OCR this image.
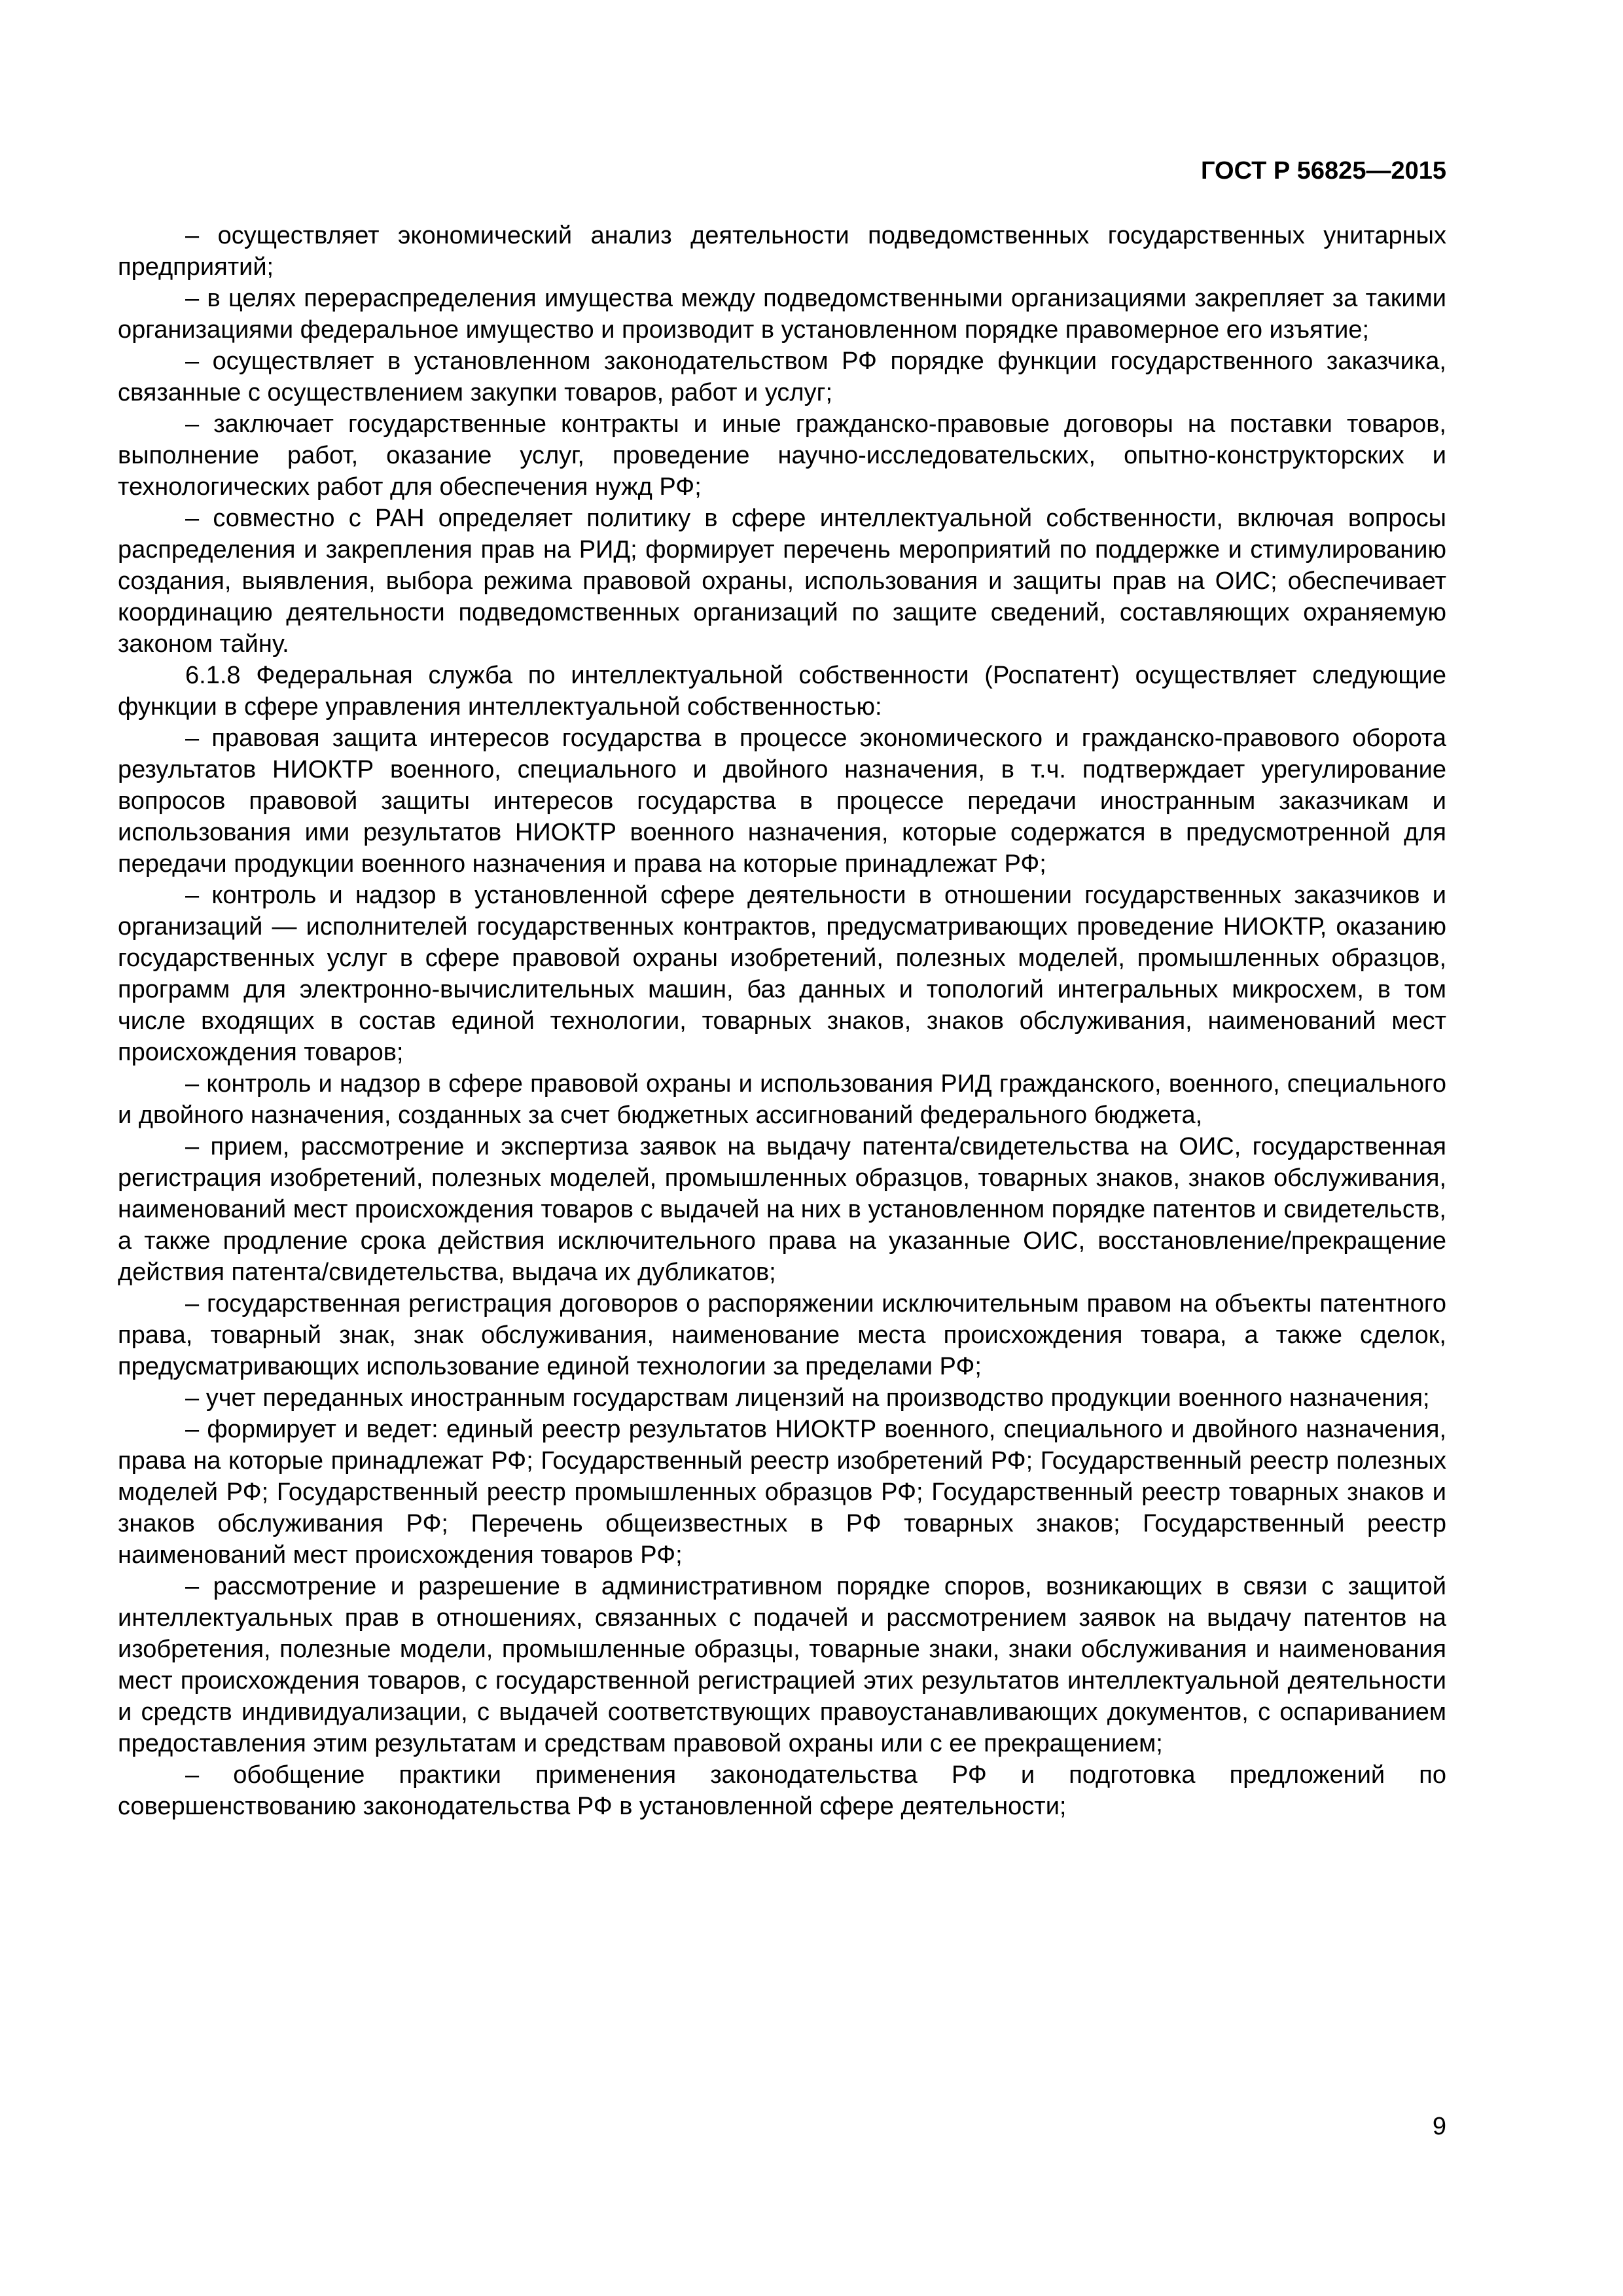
ГОСТ Р 56825—2015

– осуществляет экономический анализ деятельности подведомственных государственных унитарных предприятий;

– в целях перераспределения имущества между подведомственными организациями закрепляет за такими организациями федеральное имущество и производит в установленном порядке правомерное его изъятие;

– осуществляет в установленном законодательством РФ порядке функции государственного заказчика, связанные с осуществлением закупки товаров, работ и услуг;

– заключает государственные контракты и иные гражданско-правовые договоры на поставки товаров, выполнение работ, оказание услуг, проведение научно-исследовательских, опытно-конструкторских и технологических работ для обеспечения нужд РФ;

– совместно с РАН определяет политику в сфере интеллектуальной собственности, включая вопросы распределения и закрепления прав на РИД; формирует перечень мероприятий по поддержке и стимулированию создания, выявления, выбора режима правовой охраны, использования и защиты прав на ОИС; обеспечивает координацию деятельности подведомственных организаций по защите сведений, составляющих охраняемую законом тайну.

6.1.8 Федеральная служба по интеллектуальной собственности (Роспатент) осуществляет следующие функции в сфере управления интеллектуальной собственностью:

– правовая защита интересов государства в процессе экономического и гражданско-правового оборота результатов НИОКТР военного, специального и двойного назначения, в т.ч. подтверждает урегулирование вопросов правовой защиты интересов государства в процессе передачи иностранным заказчикам и использования ими результатов НИОКТР военного назначения, которые содержатся в предусмотренной для передачи продукции военного назначения и права на которые принадлежат РФ;

– контроль и надзор в установленной сфере деятельности в отношении государственных заказчиков и организаций — исполнителей государственных контрактов, предусматривающих проведение НИОКТР, оказанию государственных услуг в сфере правовой охраны изобретений, полезных моделей, промышленных образцов, программ для электронно-вычислительных машин, баз данных и топологий интегральных микросхем, в том числе входящих в состав единой технологии, товарных знаков, знаков обслуживания, наименований мест происхождения товаров;

– контроль и надзор в сфере правовой охраны и использования РИД гражданского, военного, специального и двойного назначения, созданных за счет бюджетных ассигнований федерального бюджета,

– прием, рассмотрение и экспертиза заявок на выдачу патента/свидетельства на ОИС, государственная регистрация изобретений, полезных моделей, промышленных образцов, товарных знаков, знаков обслуживания, наименований мест происхождения товаров с выдачей на них в установленном порядке патентов и свидетельств, а также продление срока действия исключительного права на указанные ОИС, восстановление/прекращение действия патента/свидетельства, выдача их дубликатов;

– государственная регистрация договоров о распоряжении исключительным правом на объекты патентного права, товарный знак, знак обслуживания, наименование места происхождения товара, а также сделок, предусматривающих использование единой технологии за пределами РФ;

– учет переданных иностранным государствам лицензий на производство продукции военного назначения;

– формирует и ведет: единый реестр результатов НИОКТР военного, специального и двойного назначения, права на которые принадлежат РФ; Государственный реестр изобретений РФ; Государственный реестр полезных моделей РФ; Государственный реестр промышленных образцов РФ; Государственный реестр товарных знаков и знаков обслуживания РФ; Перечень общеизвестных в РФ товарных знаков; Государственный реестр наименований мест происхождения товаров РФ;

– рассмотрение и разрешение в административном порядке споров, возникающих в связи с защитой интеллектуальных прав в отношениях, связанных с подачей и рассмотрением заявок на выдачу патентов на изобретения, полезные модели, промышленные образцы, товарные знаки, знаки обслуживания и наименования мест происхождения товаров, с государственной регистрацией этих результатов интеллектуальной деятельности и средств индивидуализации, с выдачей соответствующих правоустанавливающих документов, с оспариванием предоставления этим результатам и средствам правовой охраны или с ее прекращением;

– обобщение практики применения законодательства РФ и подготовка предложений по совершенствованию законодательства РФ в установленной сфере деятельности;

9
